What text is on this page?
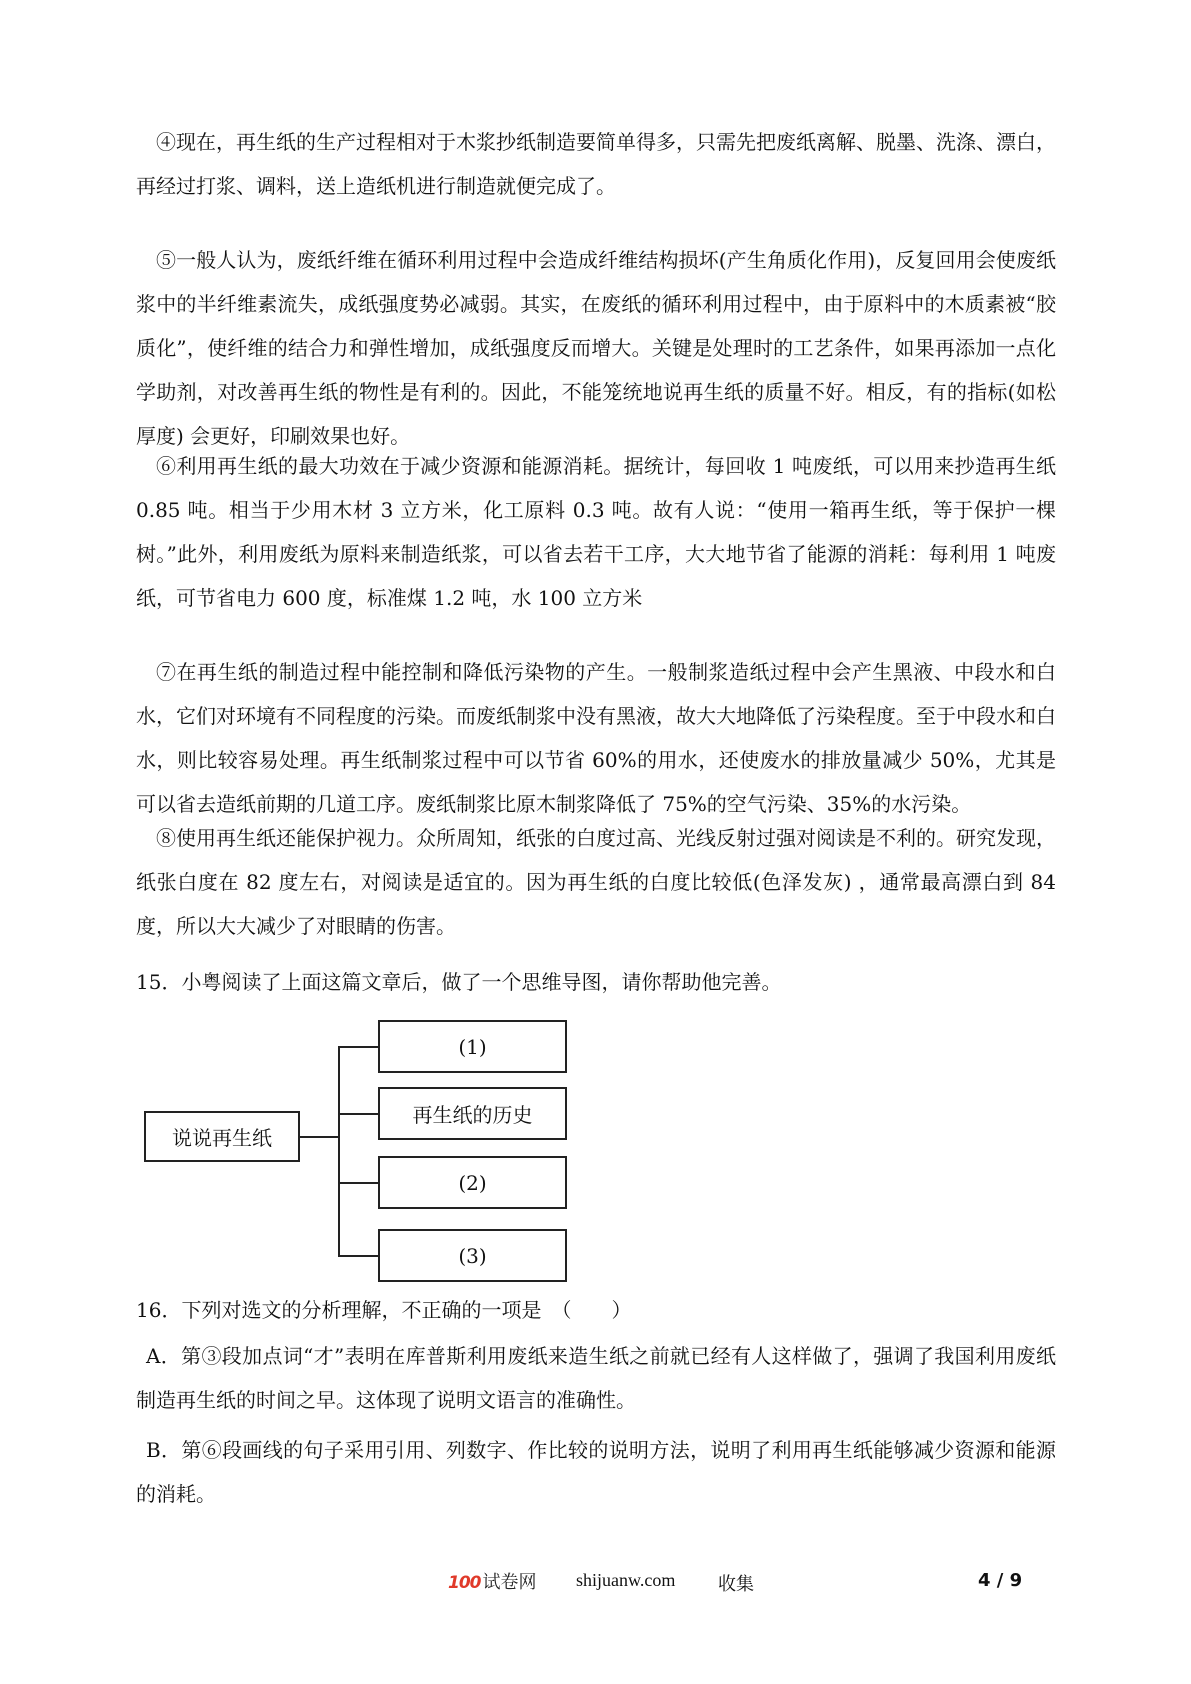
④现在，再生纸的生产过程相对于木浆抄纸制造要简单得多，只需先把废纸离解、脱墨、洗涤、漂白，再经过打浆、调料，送上造纸机进行制造就便完成了。

⑤一般人认为，废纸纤维在循环利用过程中会造成纤维结构损坏(产生角质化作用)，反复回用会使废纸浆中的半纤维素流失，成纸强度势必减弱。其实，在废纸的循环利用过程中，由于原料中的木质素被“胶质化”，使纤维的结合力和弹性增加，成纸强度反而增大。关键是处理时的工艺条件，如果再添加一点化学助剂，对改善再生纸的物性是有利的。因此，不能笼统地说再生纸的质量不好。相反，有的指标(如松厚度) 会更好，印刷效果也好。

⑥利用再生纸的最大功效在于减少资源和能源消耗。据统计，每回收 1 吨废纸，可以用来抄造再生纸 0.85 吨。相当于少用木材 3 立方米，化工原料 0.3 吨。故有人说：“使用一箱再生纸，等于保护一棵树。”此外，利用废纸为原料来制造纸浆，可以省去若干工序，大大地节省了能源的消耗：每利用 1 吨废纸，可节省电力 600 度，标准煤 1.2 吨，水 100 立方米

⑦在再生纸的制造过程中能控制和降低污染物的产生。一般制浆造纸过程中会产生黑液、中段水和白水，它们对环境有不同程度的污染。而废纸制浆中没有黑液，故大大地降低了污染程度。至于中段水和白水，则比较容易处理。再生纸制浆过程中可以节省 60%的用水，还使废水的排放量减少 50%，尤其是可以省去造纸前期的几道工序。废纸制浆比原木制浆降低了 75%的空气污染、35%的水污染。

⑧使用再生纸还能保护视力。众所周知，纸张的白度过高、光线反射过强对阅读是不利的。研究发现，纸张白度在 82 度左右，对阅读是适宜的。因为再生纸的白度比较低(色泽发灰) ，通常最高漂白到 84 度，所以大大减少了对眼睛的伤害。

15．小粤阅读了上面这篇文章后，做了一个思维导图，请你帮助他完善。

说说再生纸
(1)
再生纸的历史
(2)
(3)

16．下列对选文的分析理解，不正确的一项是　（　　）

A．第③段加点词“才”表明在库普斯利用废纸来造生纸之前就已经有人这样做了，强调了我国利用废纸制造再生纸的时间之早。这体现了说明文语言的准确性。

B．第⑥段画线的句子采用引用、列数字、作比较的说明方法，说明了利用再生纸能够减少资源和能源的消耗。

100 试卷网 shijuanw.com 收集	4 / 9
